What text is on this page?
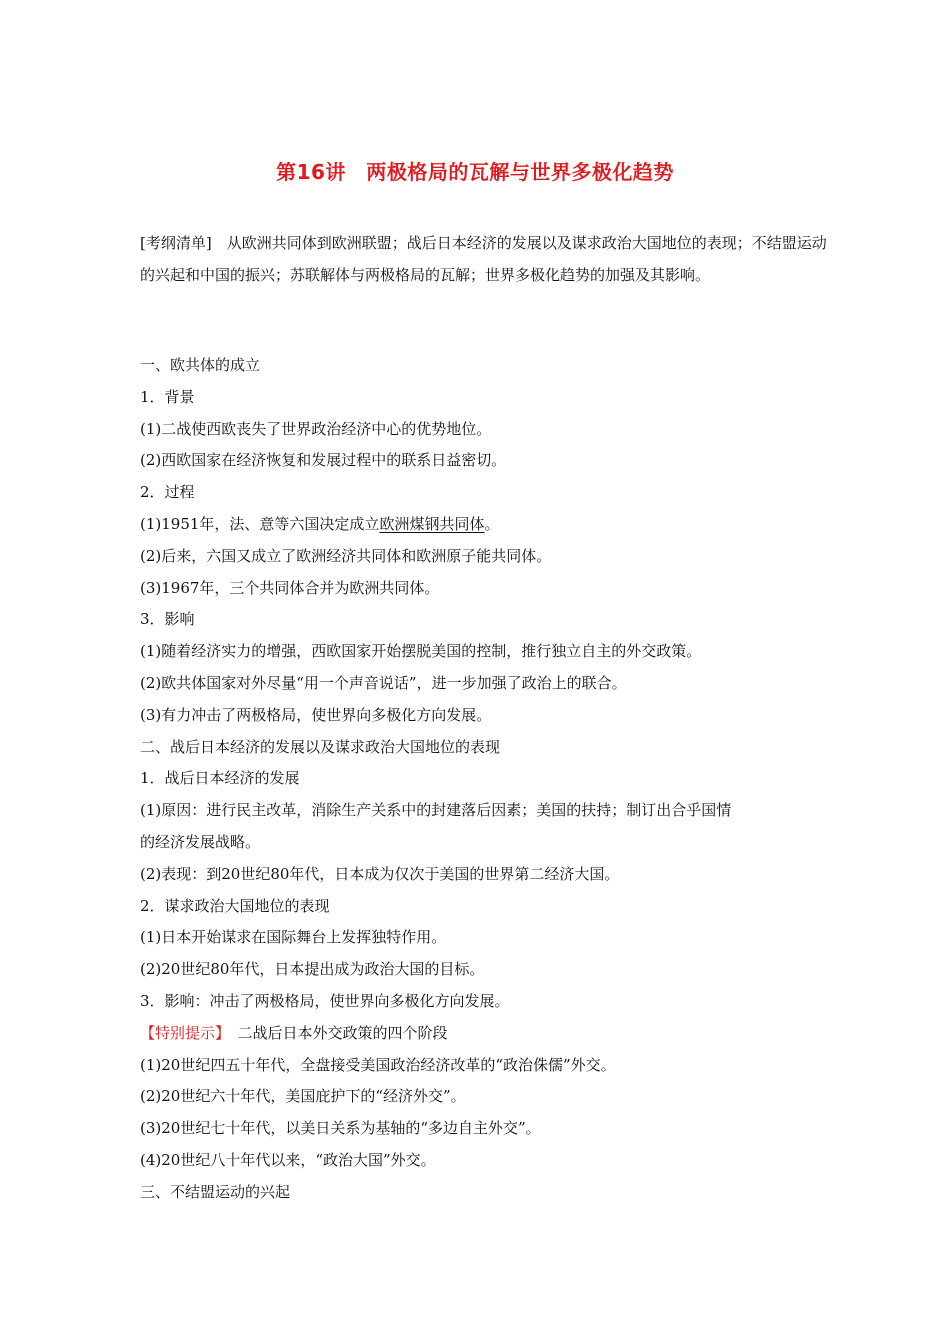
第16讲　两极格局的瓦解与世界多极化趋势
[考纲清单]　从欧洲共同体到欧洲联盟；战后日本经济的发展以及谋求政治大国地位的表现；不结盟运动的兴起和中国的振兴；苏联解体与两极格局的瓦解；世界多极化趋势的加强及其影响。
一、欧共体的成立
1．背景
(1)二战使西欧丧失了世界政治经济中心的优势地位。
(2)西欧国家在经济恢复和发展过程中的联系日益密切。
2．过程
(1)1951年，法、意等六国决定成立欧洲煤钢共同体。
(2)后来，六国又成立了欧洲经济共同体和欧洲原子能共同体。
(3)1967年，三个共同体合并为欧洲共同体。
3．影响
(1)随着经济实力的增强，西欧国家开始摆脱美国的控制，推行独立自主的外交政策。
(2)欧共体国家对外尽量“用一个声音说话”，进一步加强了政治上的联合。
(3)有力冲击了两极格局，使世界向多极化方向发展。
二、战后日本经济的发展以及谋求政治大国地位的表现
1．战后日本经济的发展
(1)原因：进行民主改革，消除生产关系中的封建落后因素；美国的扶持；制订出合乎国情
的经济发展战略。
(2)表现：到20世纪80年代，日本成为仅次于美国的世界第二经济大国。
2．谋求政治大国地位的表现
(1)日本开始谋求在国际舞台上发挥独特作用。
(2)20世纪80年代，日本提出成为政治大国的目标。
3．影响：冲击了两极格局，使世界向多极化方向发展。
【特别提示】　二战后日本外交政策的四个阶段
(1)20世纪四五十年代，全盘接受美国政治经济改革的“政治侏儒”外交。
(2)20世纪六十年代，美国庇护下的“经济外交”。
(3)20世纪七十年代，以美日关系为基轴的“多边自主外交”。
(4)20世纪八十年代以来，“政治大国”外交。
三、不结盟运动的兴起
